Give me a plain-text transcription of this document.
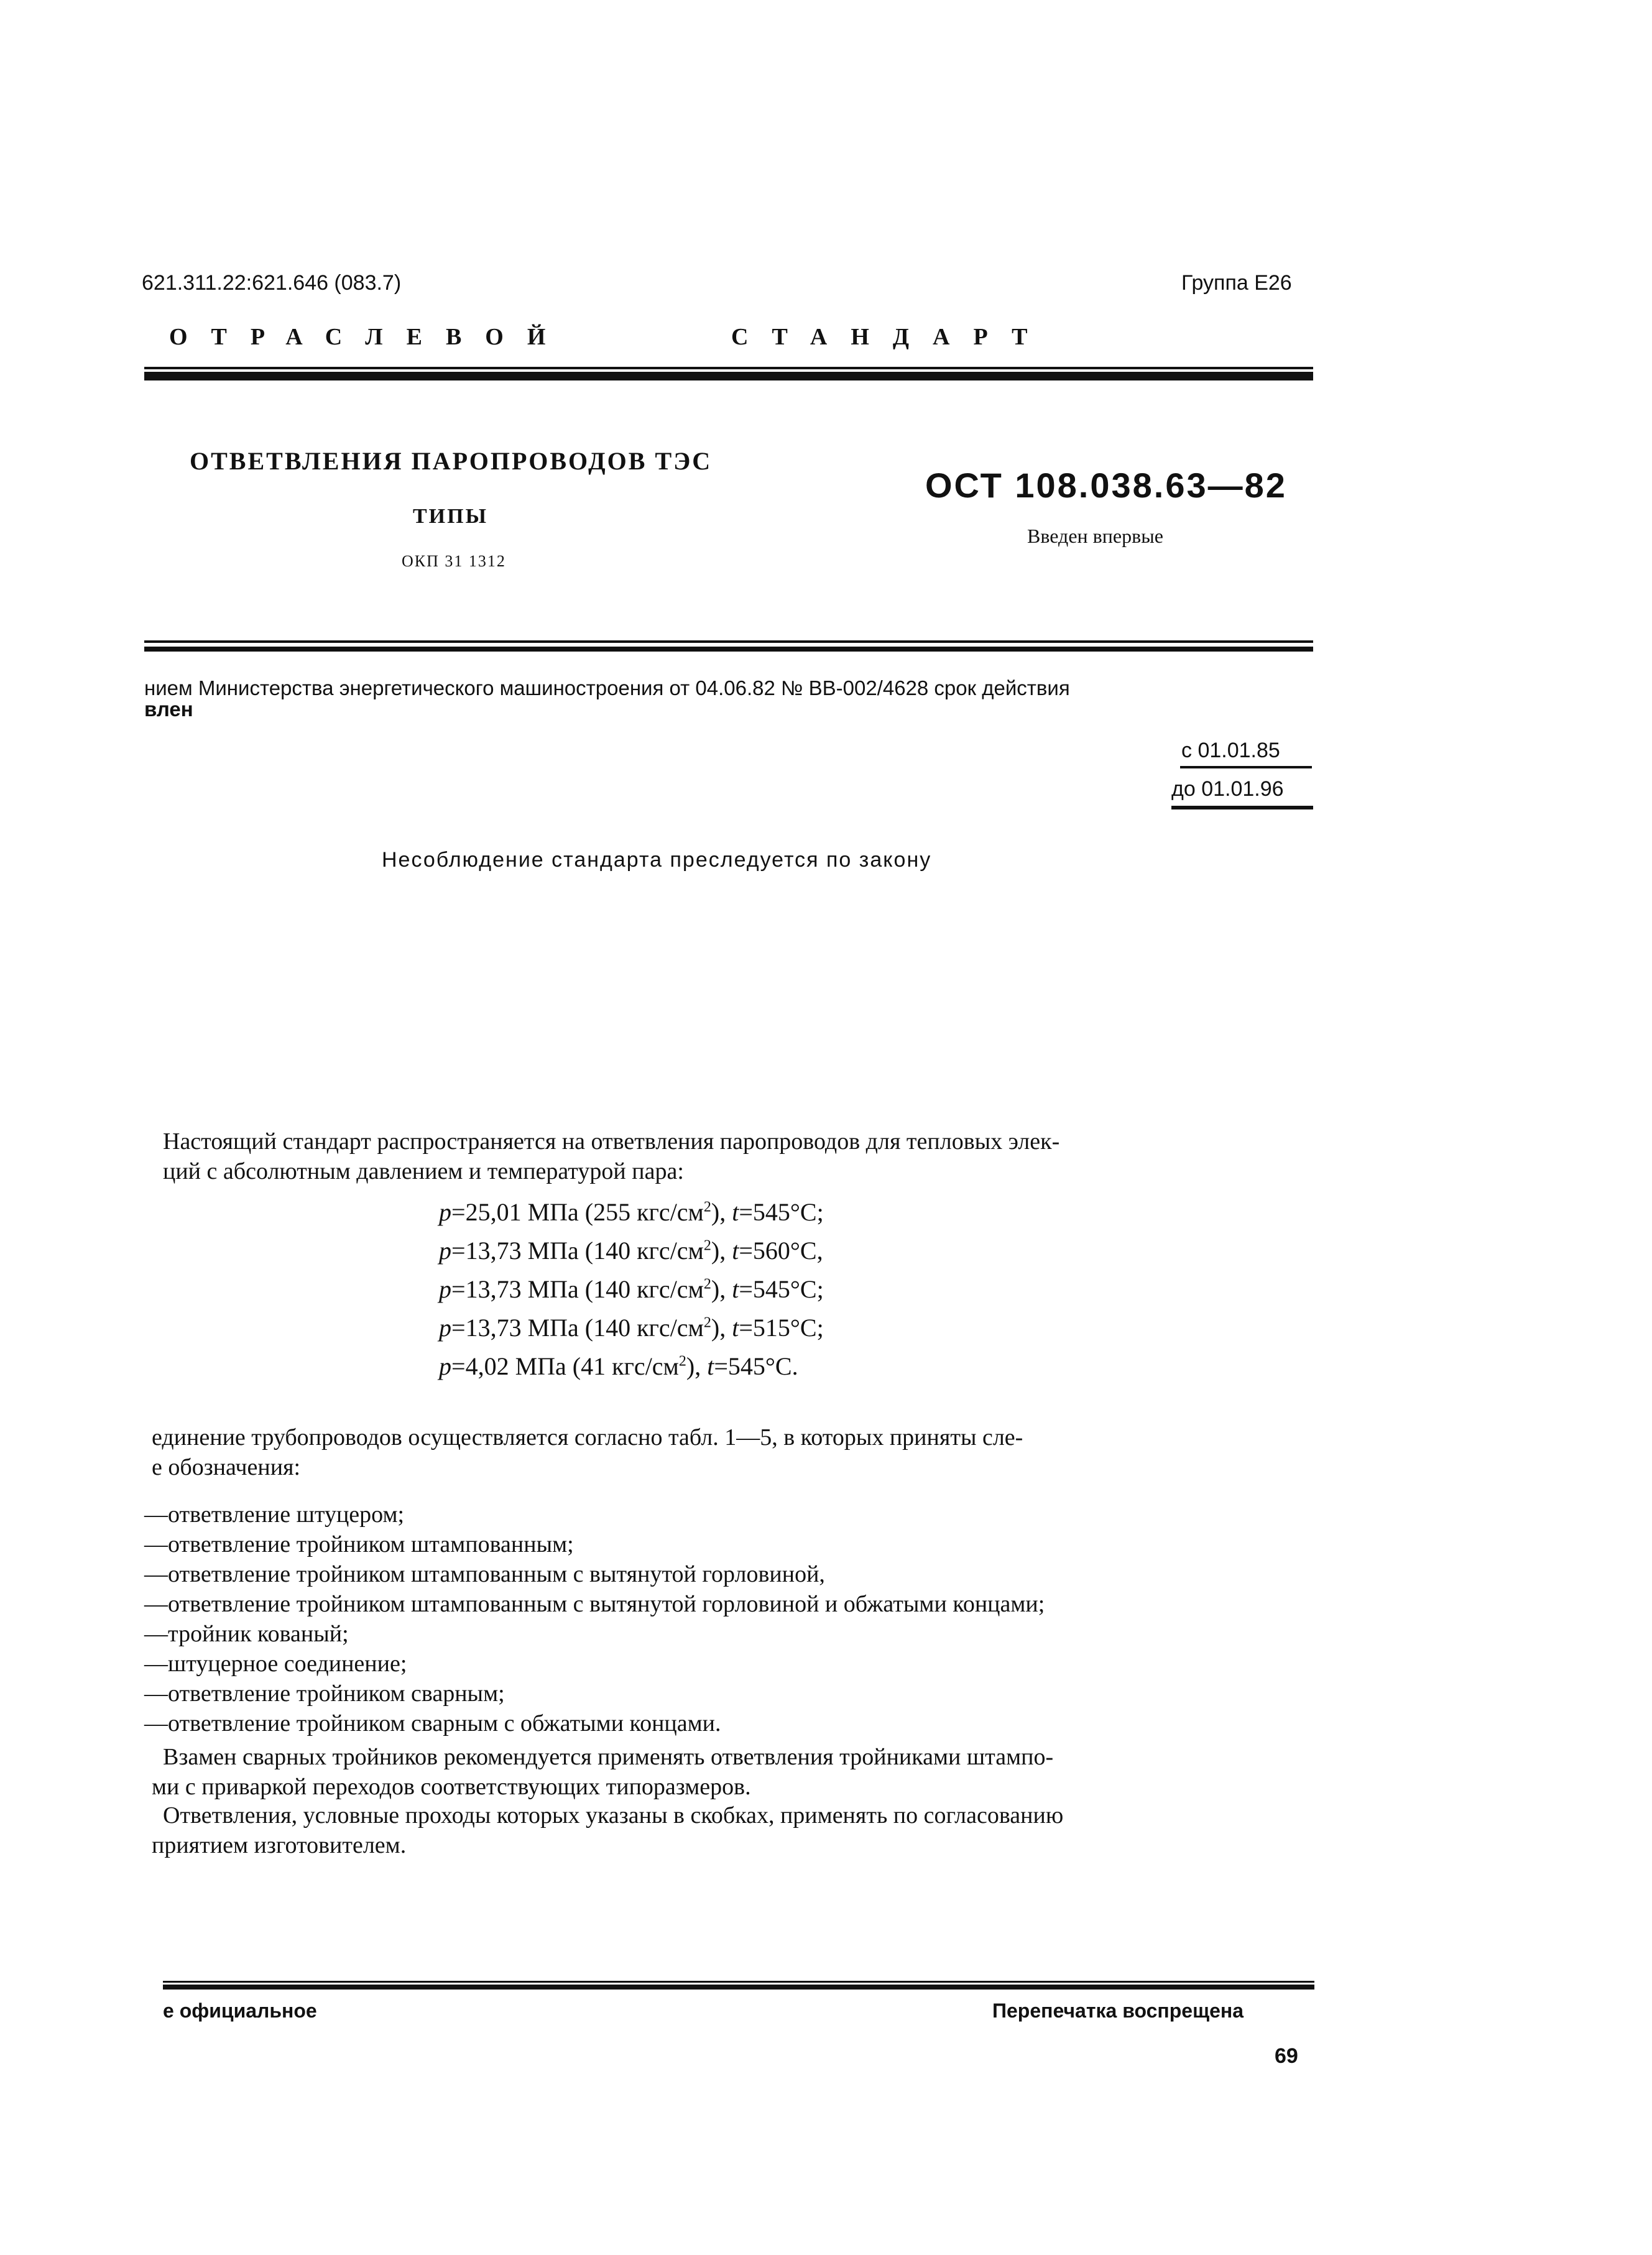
621.311.22:621.646 (083.7)	Группа Е26
ОТРАСЛЕВОЙ	СТАНДАРТ
ОТВЕТВЛЕНИЯ ПАРОПРОВОДОВ ТЭС
ТИПЫ
ОКП 31 1312
ОСТ 108.038.63—82
Введен впервые
нием Министерства энергетического машиностроения от 04.06.82 № ВВ-002/4628 срок действия
влен
с 01.01.85
до 01.01.96
Несоблюдение стандарта преследуется по закону
Настоящий стандарт распространяется на ответвления паропроводов для тепловых элек-
ций с абсолютным давлением и температурой пара:
p=25,01 МПа (255 кгс/$см^2$), t=545°C;
p=13,73 МПа (140 кгс/$см^2$), t=560°C,
p=13,73 МПа (140 кгс/$см^2$), t=545°C;
p=13,73 МПа (140 кгс/$см^2$), t=515°C;
p=4,02 МПа (41 кгс/$см^2$), t=545°C.
единение трубопроводов осуществляется согласно табл. 1—5, в которых приняты сле-
е обозначения:
—ответвление штуцером;
—ответвление тройником штампованным;
—ответвление тройником штампованным с вытянутой горловиной,
—ответвление тройником штампованным с вытянутой горловиной и обжатыми концами;
—тройник кованый;
—штуцерное соединение;
—ответвление тройником сварным;
—ответвление тройником сварным с обжатыми концами.
Взамен сварных тройников рекомендуется применять ответвления тройниками штампо-
ми с приваркой переходов соответствующих типоразмеров.
Ответвления, условные проходы которых указаны в скобках, применять по согласованию
приятием изготовителем.
е официальное	Перепечатка воспрещена
69
